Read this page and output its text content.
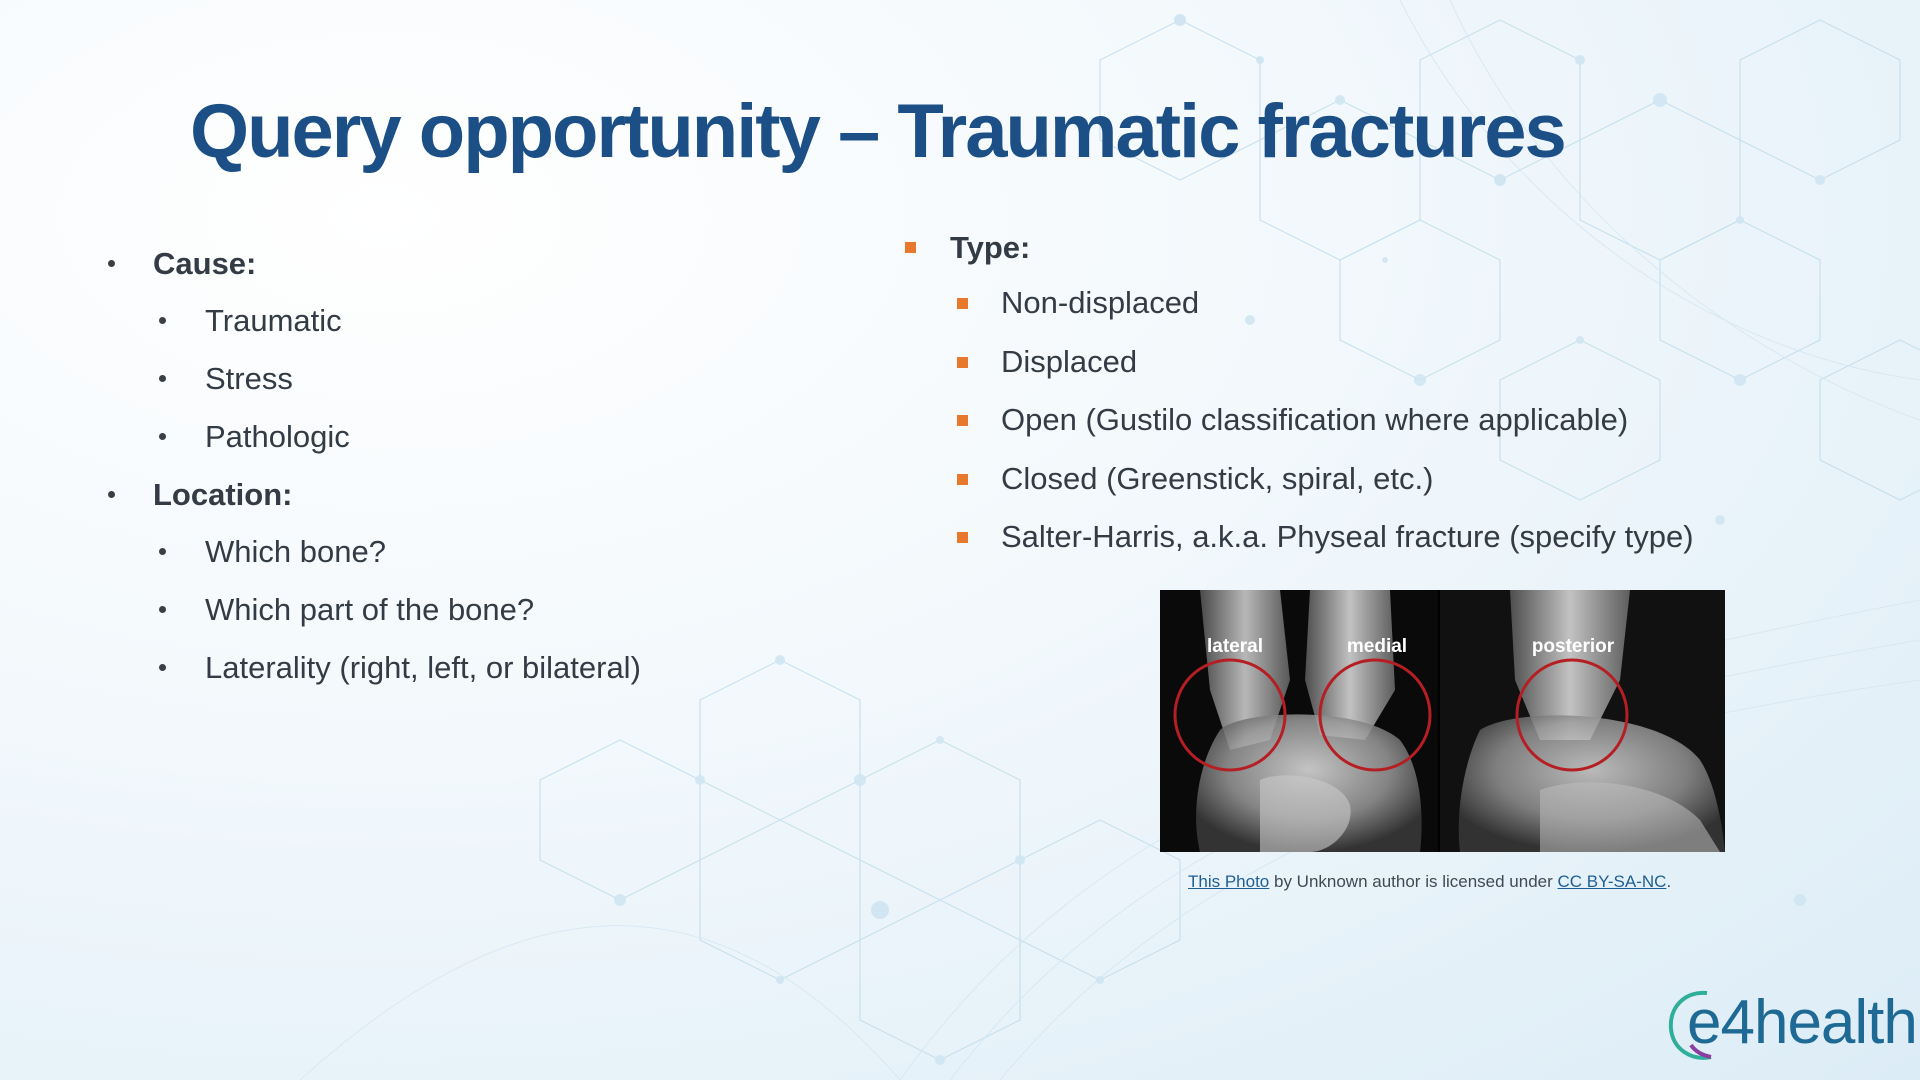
Query opportunity – Traumatic fractures
Cause:
Traumatic
Stress
Pathologic
Location:
Which bone?
Which part of the bone?
Laterality (right, left, or bilateral)
Type:
Non-displaced
Displaced
Open (Gustilo classification where applicable)
Closed (Greenstick, spiral, etc.)
Salter-Harris, a.k.a. Physeal fracture (specify type)
lateral	medial	posterior
This Photo by Unknown author is licensed under CC BY-SA-NC.
e4health
